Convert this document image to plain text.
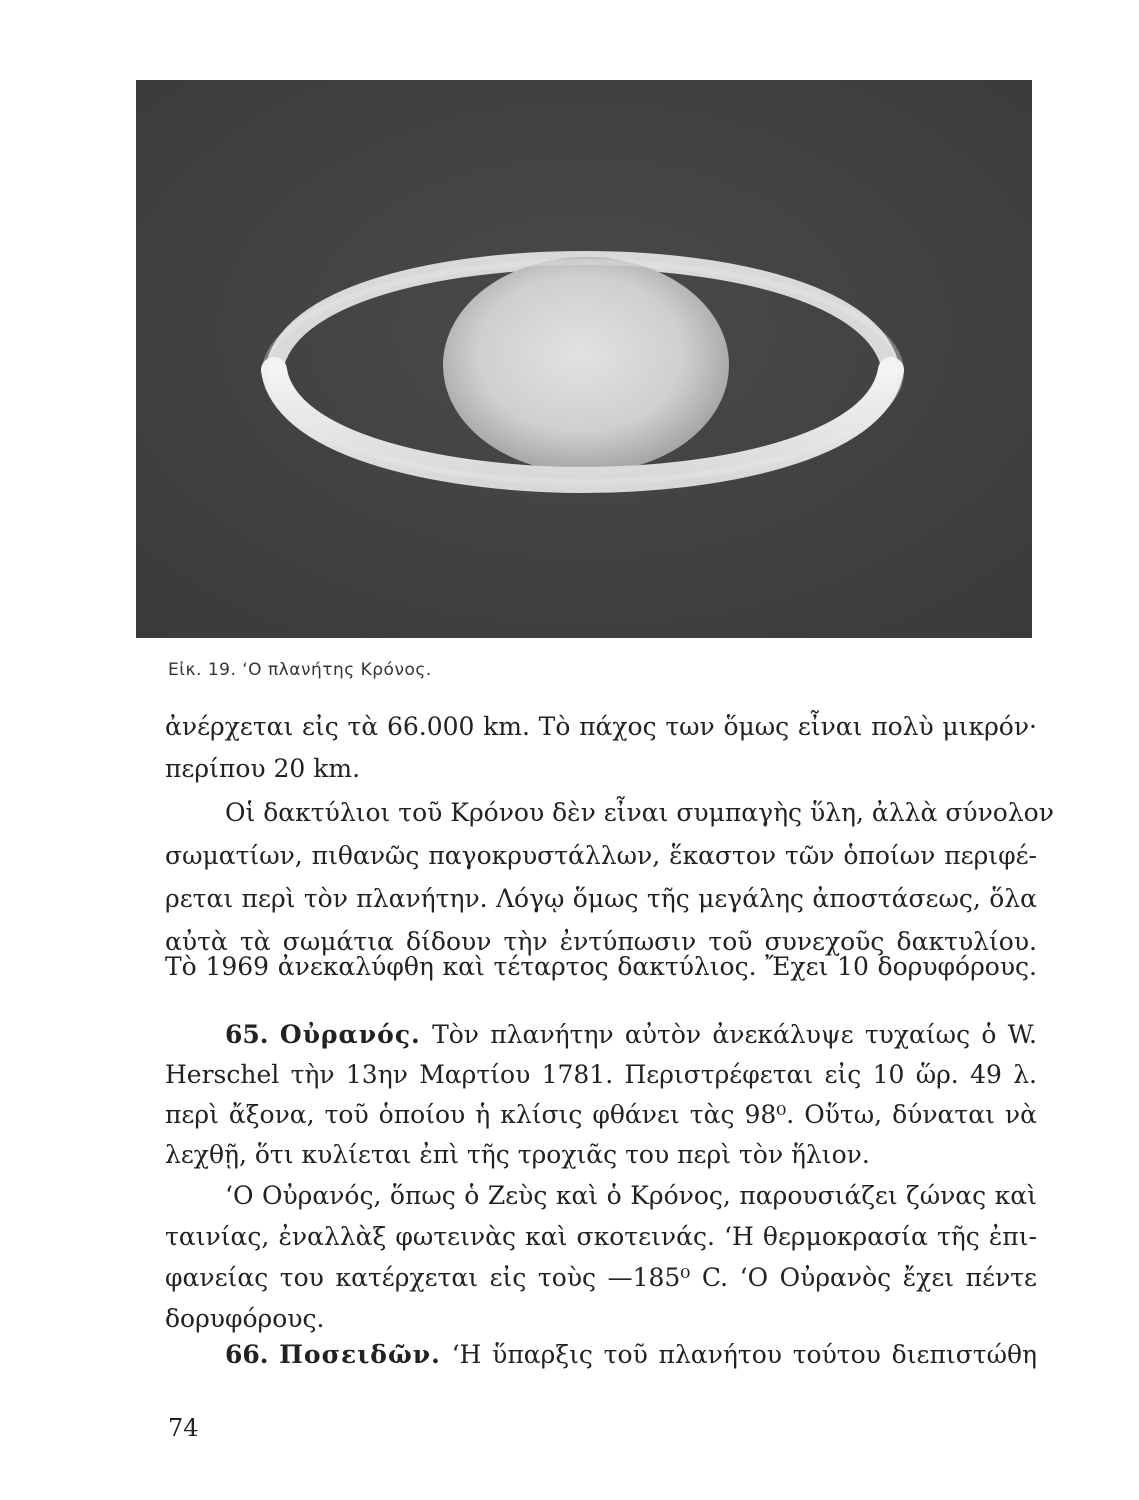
Εἰκ. 19. ‘Ο πλανήτης Κρόνος.
ἀνέρχεται εἰς τὰ 66.000 km. Τὸ πάχος των ὅμως εἶναι πολὺ μικρόν·
περίπου 20 km.
Οἱ δακτύλιοι τοῦ Κρόνου δὲν εἶναι συμπαγὴς ὕλη, ἀλλὰ σύνολον
σωματίων, πιθανῶς παγοκρυστάλλων, ἕκαστον τῶν ὁποίων περιφέ-
ρεται περὶ τὸν πλανήτην. Λόγῳ ὅμως τῆς μεγάλης ἀποστάσεως, ὅλα
αὐτὰ τὰ σωμάτια δίδουν τὴν ἐντύπωσιν τοῦ συνεχοῦς δακτυλίου.
Τὸ 1969 ἀνεκαλύφθη καὶ τέταρτος δακτύλιος. Ἔχει 10 δορυφόρους.
65. Οὐρανός. Τὸν πλανήτην αὐτὸν ἀνεκάλυψε τυχαίως ὁ W.
Herschel τὴν 13ην Μαρτίου 1781. Περιστρέφεται εἰς 10 ὥρ. 49 λ.
περὶ ἄξονα, τοῦ ὁποίου ἡ κλίσις φθάνει τὰς 98⁰. Οὕτω, δύναται νὰ
λεχθῇ, ὅτι κυλίεται ἐπὶ τῆς τροχιᾶς του περὶ τὸν ἥλιον.
‘Ο Οὐρανός, ὅπως ὁ Ζεὺς καὶ ὁ Κρόνος, παρουσιάζει ζώνας καὶ
ταινίας, ἐναλλὰξ φωτεινὰς καὶ σκοτεινάς. ‘Η θερμοκρασία τῆς ἐπι-
φανείας του κατέρχεται εἰς τοὺς —185⁰ C. ‘Ο Οὐρανὸς ἔχει πέντε
δορυφόρους.
66. Ποσειδῶν. ‘Η ὕπαρξις τοῦ πλανήτου τούτου διεπιστώθη
74
